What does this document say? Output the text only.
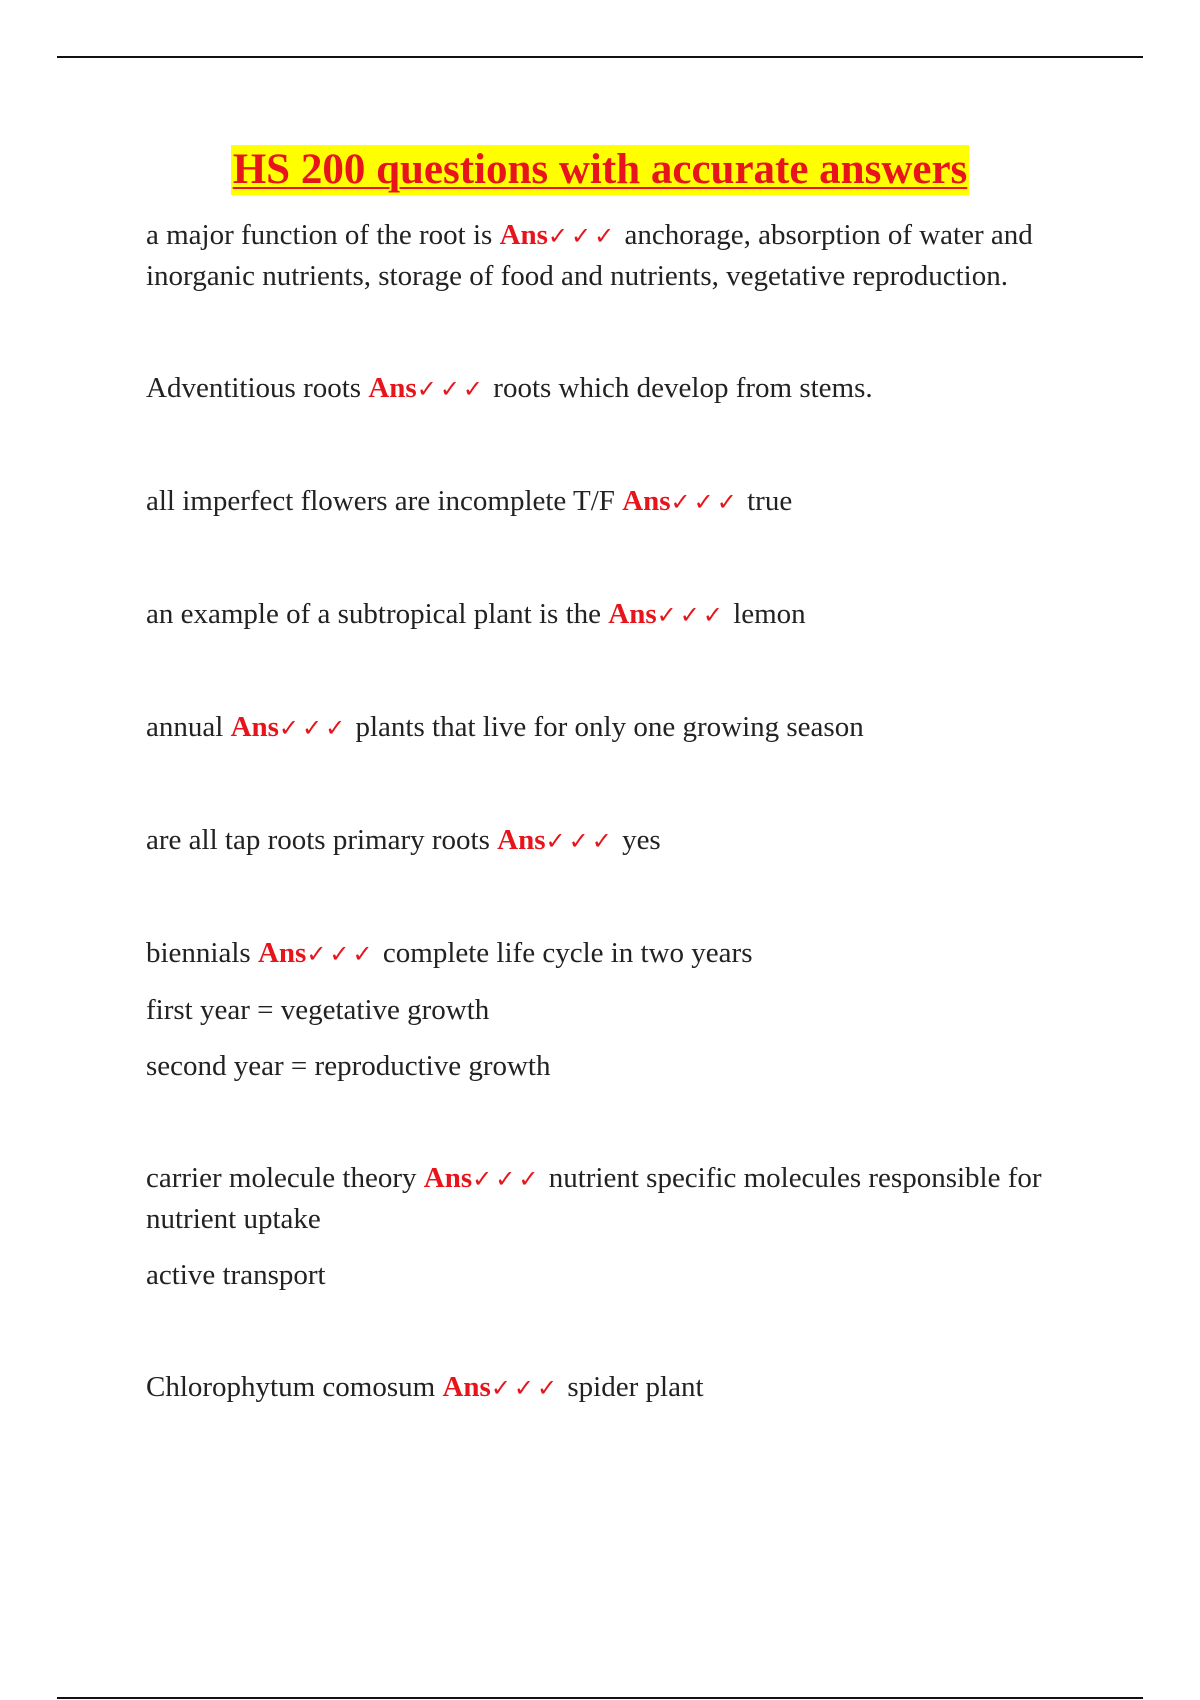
HS 200 questions with accurate answers

a major function of the root is Ans✓✓✓ anchorage, absorption of water and inorganic nutrients, storage of food and nutrients, vegetative reproduction.

Adventitious roots Ans✓✓✓ roots which develop from stems.

all imperfect flowers are incomplete T/F Ans✓✓✓ true

an example of a subtropical plant is the Ans✓✓✓ lemon

annual Ans✓✓✓ plants that live for only one growing season

are all tap roots primary roots Ans✓✓✓ yes

biennials Ans✓✓✓ complete life cycle in two years

first year = vegetative growth

second year = reproductive growth

carrier molecule theory Ans✓✓✓ nutrient specific molecules responsible for nutrient uptake

active transport

Chlorophytum comosum Ans✓✓✓ spider plant
